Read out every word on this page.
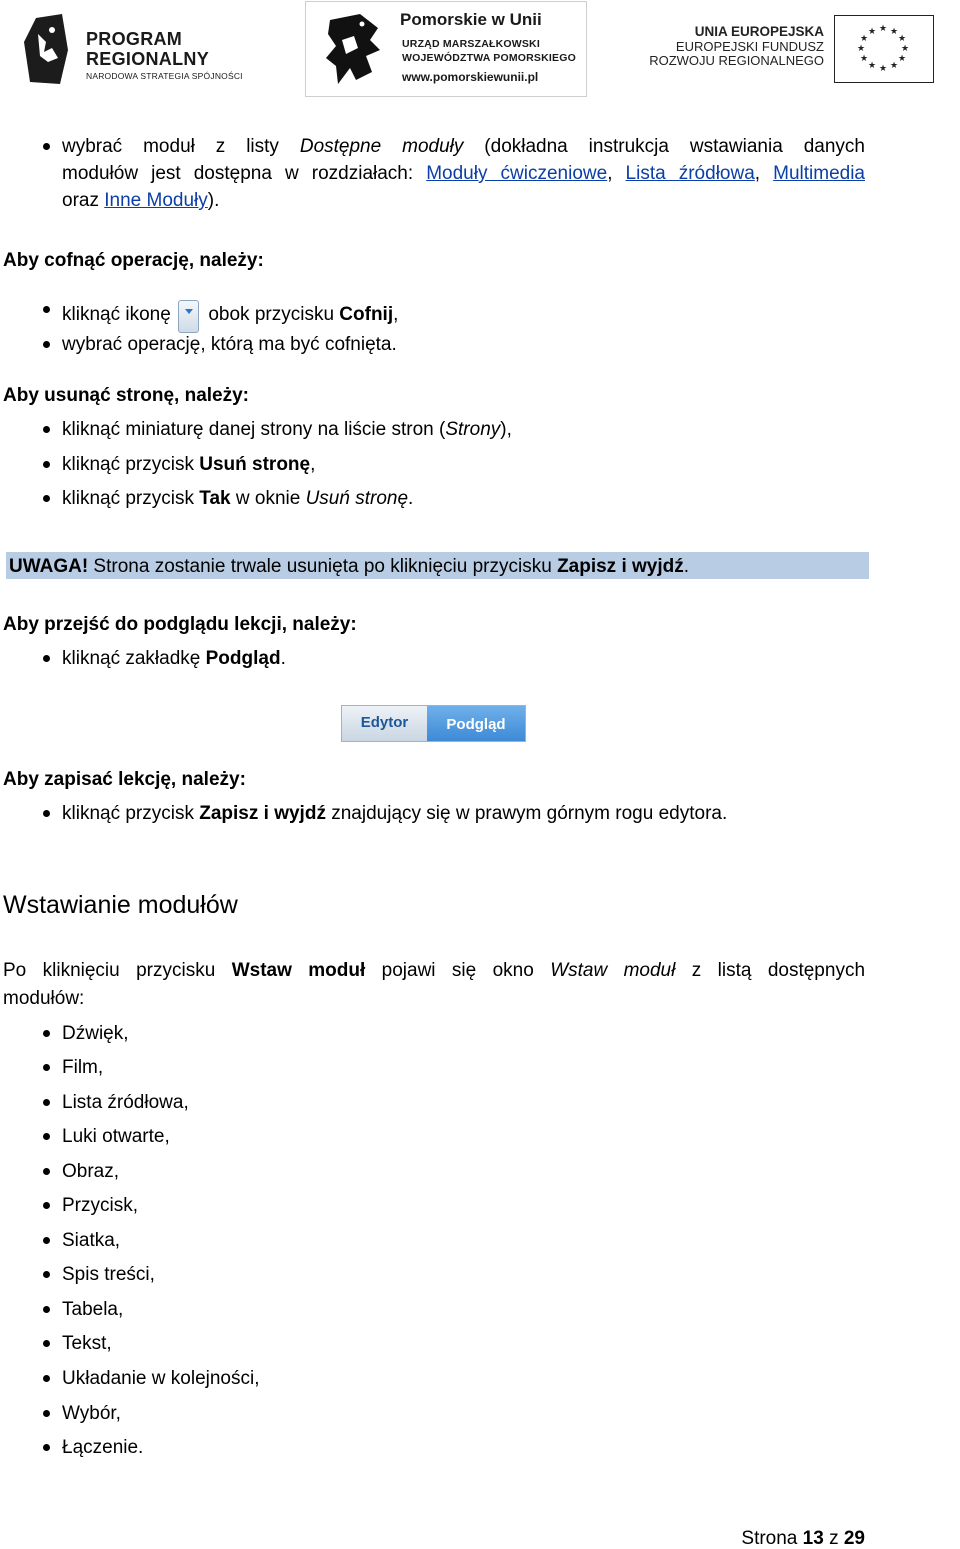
PROGRAM
REGIONALNY
NARODOWA STRATEGIA SPÓJNOŚCI
Pomorskie w Unii
URZĄD MARSZAŁKOWSKI
WOJEWÓDZTWA POMORSKIEGO
www.pomorskiewunii.pl
UNIA EUROPEJSKA
EUROPEJSKI FUNDUSZ
ROZWOJU REGIONALNEGO
★ ★
★
★
★
★
★
★
★
★
★
★
wybrać moduł z listy Dostępne moduły (dokładna instrukcja wstawiania danych
modułów jest dostępna w rozdziałach: Moduły ćwiczeniowe, Lista źródłowa, Multimedia
oraz Inne Moduły).
Aby cofnąć operację, należy:
kliknąć ikonę obok przycisku Cofnij,
wybrać operację, którą ma być cofnięta.
Aby usunąć stronę, należy:
kliknąć miniaturę danej strony na liście stron (Strony),
kliknąć przycisk Usuń stronę,
kliknąć przycisk Tak w oknie Usuń stronę.
UWAGA! Strona zostanie trwale usunięta po kliknięciu przycisku Zapisz i wyjdź.
Aby przejść do podglądu lekcji, należy:
kliknąć zakładkę Podgląd.
Edytor	Podgląd
Aby zapisać lekcję, należy:
kliknąć przycisk Zapisz i wyjdź znajdujący się w prawym górnym rogu edytora.
Wstawianie modułów
Po kliknięciu przycisku Wstaw moduł pojawi się okno Wstaw moduł z listą dostępnych
modułów:
Dźwięk,
Film,
Lista źródłowa,
Luki otwarte,
Obraz,
Przycisk,
Siatka,
Spis treści,
Tabela,
Tekst,
Układanie w kolejności,
Wybór,
Łączenie.
Strona 13 z 29
